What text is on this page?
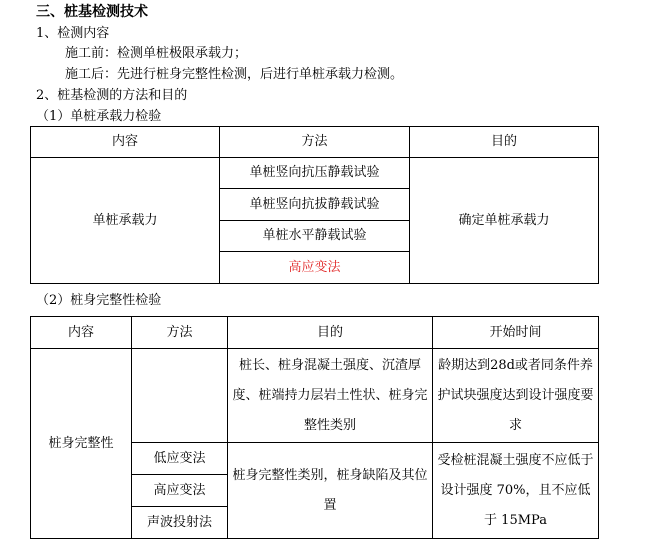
三、桩基检测技术
1、检测内容
施工前：检测单桩极限承载力；
施工后：先进行桩身完整性检测，后进行单桩承载力检测。
2、桩基检测的方法和目的
（1）单桩承载力检验
内容	方法	目的
单桩承载力	单桩竖向抗压静载试验	确定单桩承载力
	单桩竖向抗拔静载试验	
	单桩水平静载试验	
	高应变法	
（2）桩身完整性检验
内容	方法	目的	开始时间
桩身完整性		桩长、桩身混凝土强度、沉渣厚度、桩端持力层岩土性状、桩身完整性类别	龄期达到28d或者同条件养护试块强度达到设计强度要求
	低应变法	桩身完整性类别，桩身缺陷及其位置	受检桩混凝土强度不应低于设计强度 70%，且不应低于 15MPa
	高应变法		
	声波投射法		
